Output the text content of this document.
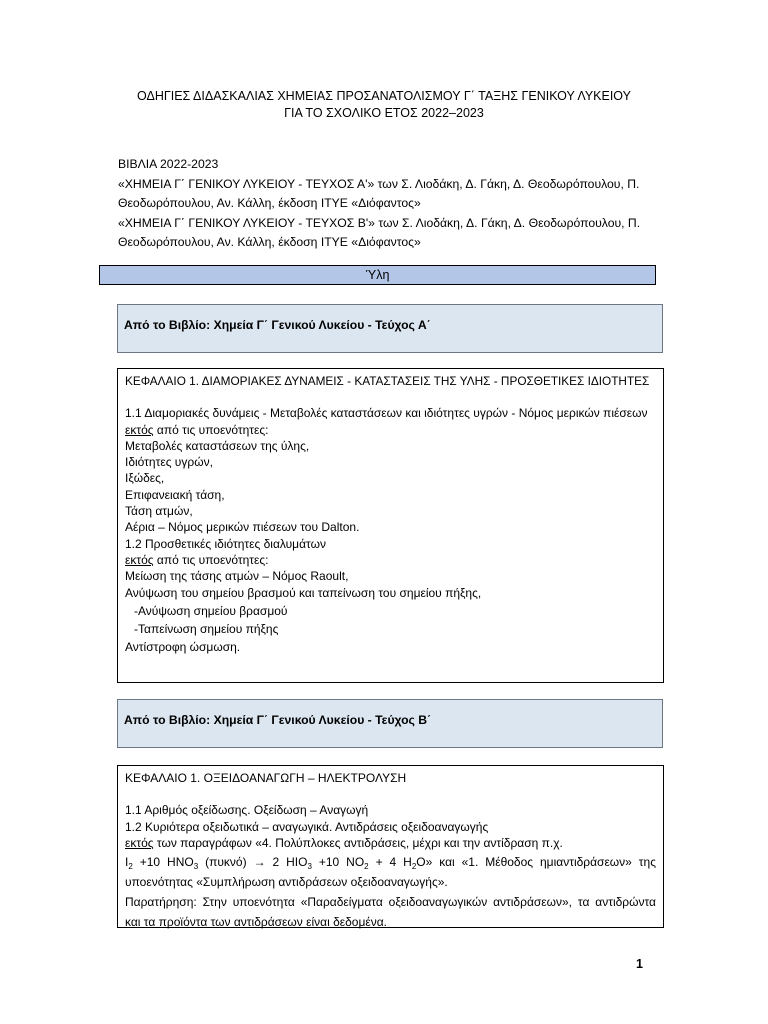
ΟΔΗΓΙΕΣ ΔΙΔΑΣΚΑΛΙΑΣ ΧΗΜΕΙΑΣ ΠΡΟΣΑΝΑΤΟΛΙΣΜΟΥ Γ΄ ΤΑΞΗΣ ΓΕΝΙΚΟΥ ΛΥΚΕΙΟΥ
ΓΙΑ ΤΟ ΣΧΟΛΙΚΟ ΕΤΟΣ 2022–2023
ΒΙΒΛΙΑ 2022-2023
«ΧΗΜΕΙΑ Γ΄ ΓΕΝΙΚΟΥ ΛΥΚΕΙΟΥ - ΤΕΥΧΟΣ Α'» των Σ. Λιοδάκη, Δ. Γάκη, Δ. Θεοδωρόπουλου, Π.
Θεοδωρόπουλου, Αν. Κάλλη, έκδοση ΙΤΥΕ «Διόφαντος»
«ΧΗΜΕΙΑ Γ΄ ΓΕΝΙΚΟΥ ΛΥΚΕΙΟΥ - ΤΕΥΧΟΣ Β'» των Σ. Λιοδάκη, Δ. Γάκη, Δ. Θεοδωρόπουλου, Π.
Θεοδωρόπουλου, Αν. Κάλλη, έκδοση ΙΤΥΕ «Διόφαντος»
Ύλη
Από το Βιβλίο: Χημεία Γ΄ Γενικού Λυκείου - Τεύχος Α΄
ΚΕΦΑΛΑΙΟ 1. ΔΙΑΜΟΡΙΑΚΕΣ ΔΥΝΑΜΕΙΣ - ΚΑΤΑΣΤΑΣΕΙΣ ΤΗΣ ΥΛΗΣ - ΠΡΟΣΘΕΤΙΚΕΣ ΙΔΙΟΤΗΤΕΣ
1.1 Διαμοριακές δυνάμεις - Μεταβολές καταστάσεων και ιδιότητες υγρών - Νόμος μερικών πιέσεων
εκτός από τις υποενότητες:
Μεταβολές καταστάσεων της ύλης,
Ιδιότητες υγρών,
Ιξώδες,
Επιφανειακή τάση,
Τάση ατμών,
Αέρια – Νόμος μερικών πιέσεων του Dalton.
1.2 Προσθετικές ιδιότητες διαλυμάτων
εκτός από τις υποενότητες:
Μείωση της τάσης ατμών – Νόμος Raoult,
Ανύψωση του σημείου βρασμού και ταπείνωση του σημείου πήξης,
-Ανύψωση σημείου βρασμού
-Ταπείνωση σημείου πήξης
Αντίστροφη ώσμωση.
Από το Βιβλίο: Χημεία Γ΄ Γενικού Λυκείου - Τεύχος Β΄
ΚΕΦΑΛΑΙΟ 1. ΟΞΕΙΔΟΑΝΑΓΩΓΗ – ΗΛΕΚΤΡΟΛΥΣΗ
1.1 Αριθμός οξείδωσης. Οξείδωση – Αναγωγή
1.2 Κυριότερα οξειδωτικά – αναγωγικά. Αντιδράσεις οξειδοαναγωγής
εκτός των παραγράφων «4. Πολύπλοκες αντιδράσεις, μέχρι και την αντίδραση π.χ.
$I_2 +10$ $HNO_3$ (πυκνό) → 2 $HIO_3 +10$ $NO_2 + 4$ $H_2O$» και «1. Μέθοδος ημιαντιδράσεων» της υποενότητας «Συμπλήρωση αντιδράσεων οξειδοαναγωγής».
Παρατήρηση: Στην υποενότητα «Παραδείγματα οξειδοαναγωγικών αντιδράσεων», τα αντιδρώντα και τα προϊόντα των αντιδράσεων είναι δεδομένα.
1
